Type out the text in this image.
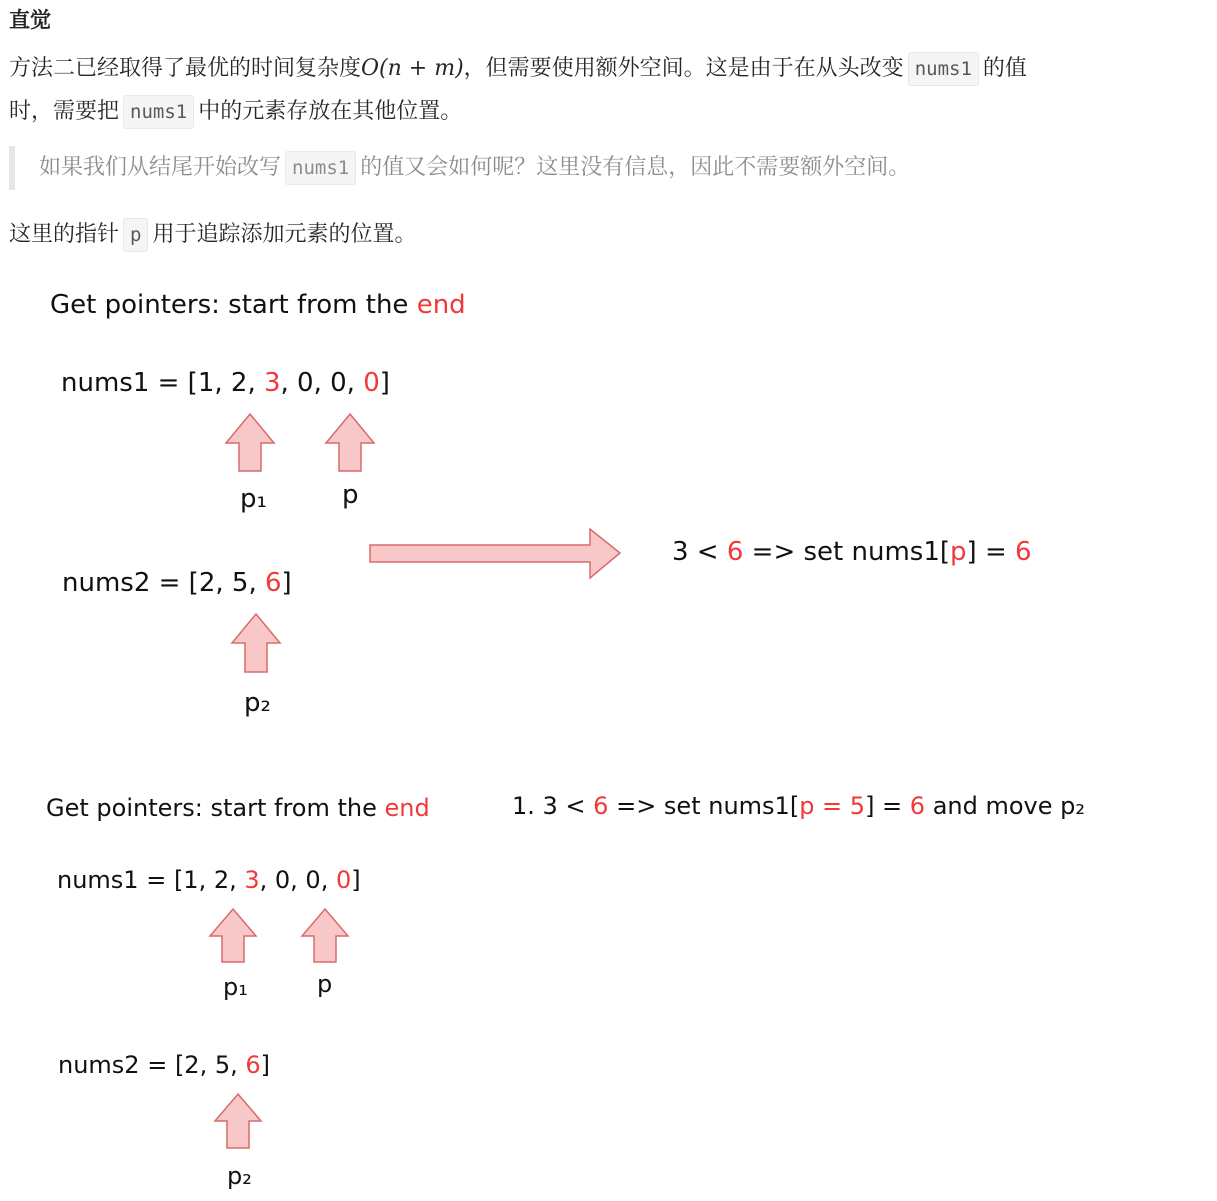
直觉
方法二已经取得了最优的时间复杂度O(n + m)，但需要使用额外空间。这是由于在从头改变 nums1 的值
时，需要把 nums1 中的元素存放在其他位置。
如果我们从结尾开始改写 nums1 的值又会如何呢？这里没有信息，因此不需要额外空间。
这里的指针 p 用于追踪添加元素的位置。
Get pointers: start from the end
nums1 = [1, 2, 3, 0, 0, 0]
p₁	p
3 < 6 => set nums1[p] = 6
nums2 = [2, 5, 6]
p₂
Get pointers: start from the end	1. 3 < 6 => set nums1[p = 5] = 6 and move p₂
nums1 = [1, 2, 3, 0, 0, 0]
p₁	p
nums2 = [2, 5, 6]
p₂
